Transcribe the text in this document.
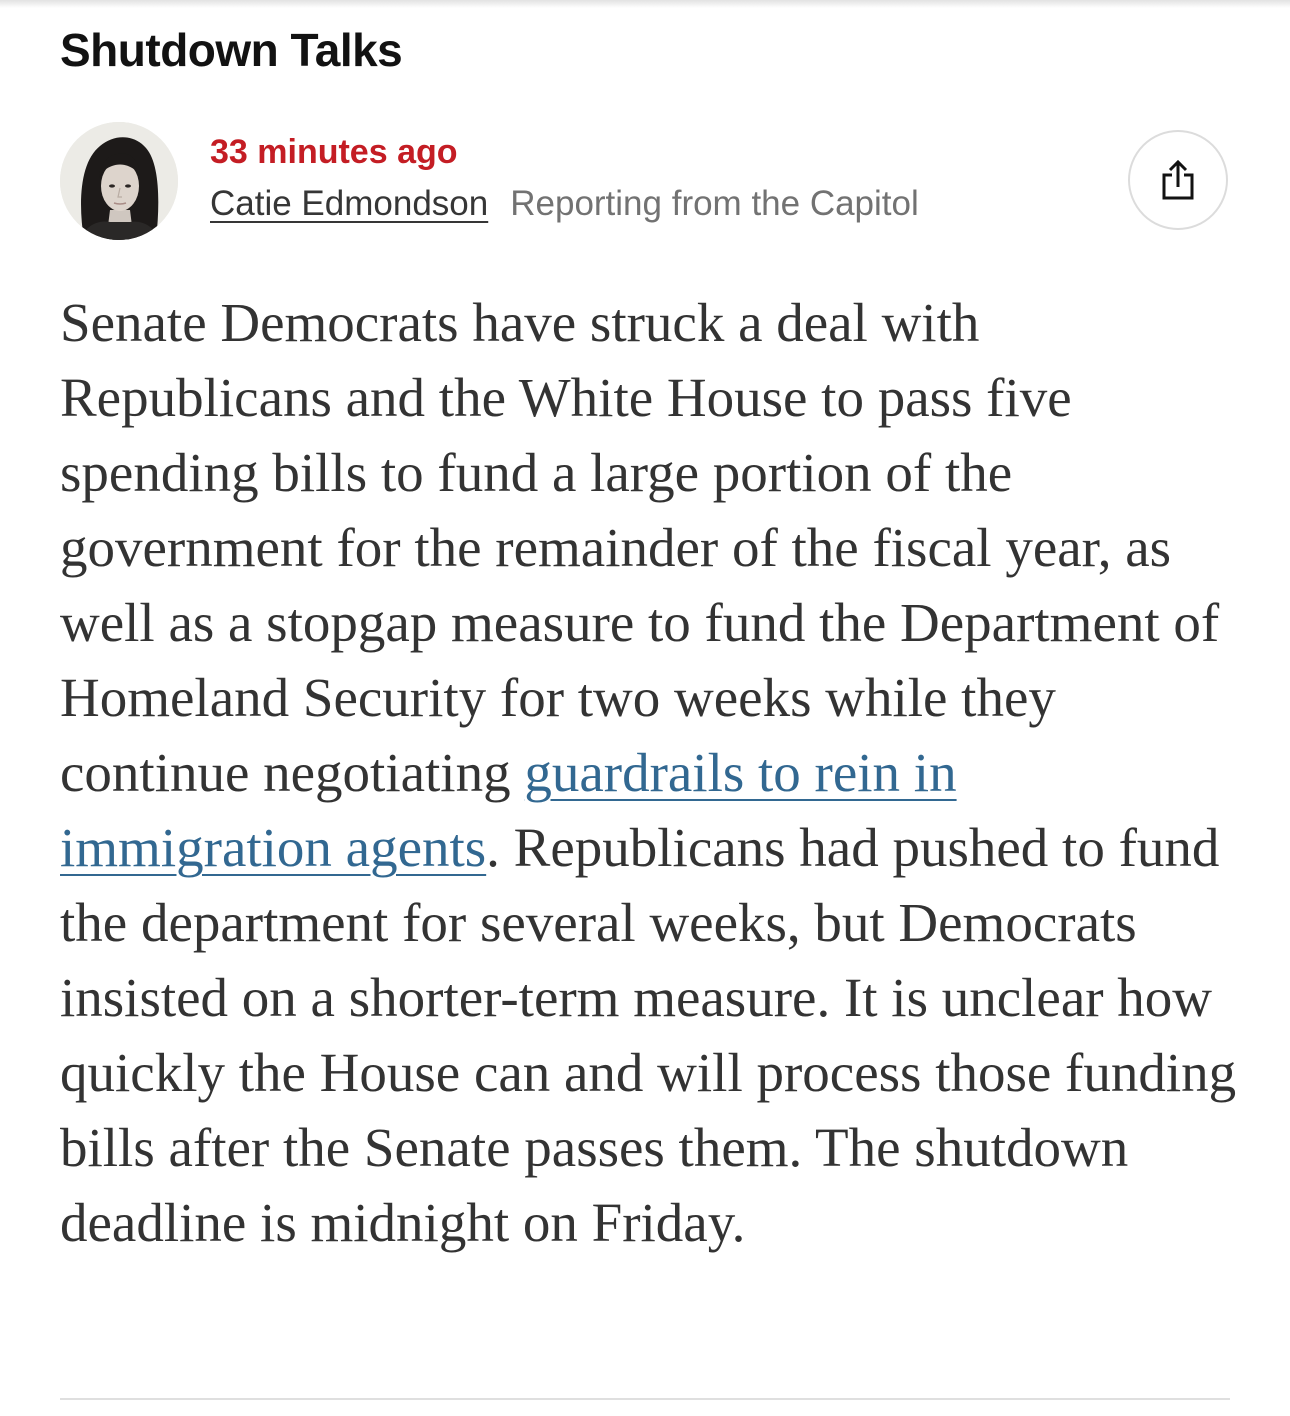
Shutdown Talks
33 minutes ago
Catie Edmondson Reporting from the Capitol

Senate Democrats have struck a deal with Republicans and the White House to pass five spending bills to fund a large portion of the government for the remainder of the fiscal year, as well as a stopgap measure to fund the Department of Homeland Security for two weeks while they continue negotiating guardrails to rein in immigration agents. Republicans had pushed to fund the department for several weeks, but Democrats insisted on a shorter-term measure. It is unclear how quickly the House can and will process those funding bills after the Senate passes them. The shutdown deadline is midnight on Friday.
